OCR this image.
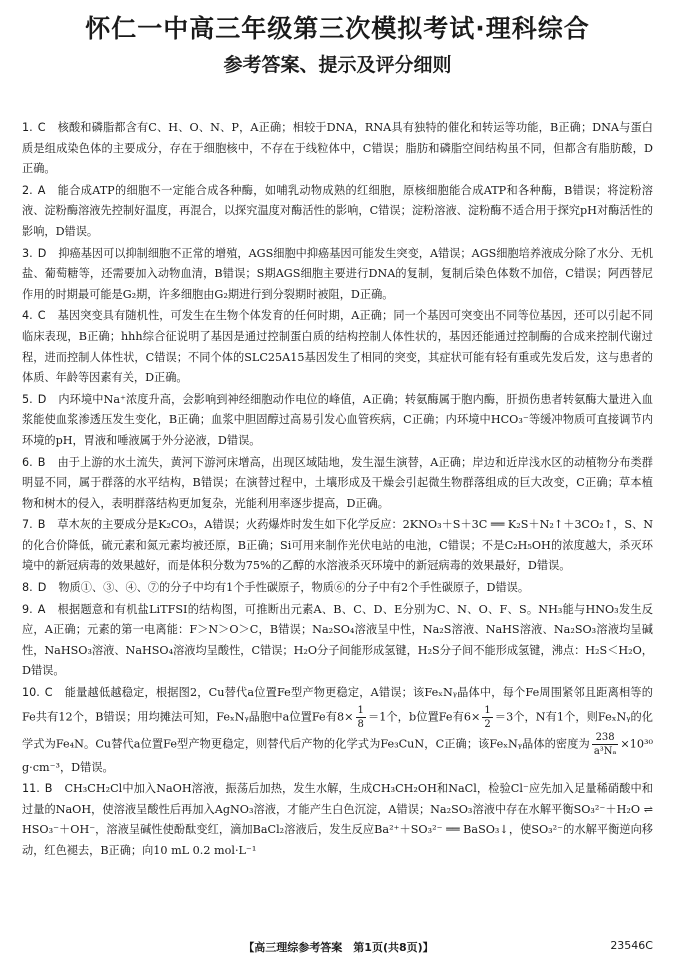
怀仁一中高三年级第三次模拟考试·理科综合
参考答案、提示及评分细则

1. C 核酸和磷脂都含有C、H、O、N、P，A正确；相较于DNA，RNA具有独特的催化和转运等功能，B正确；DNA与蛋白质是组成染色体的主要成分，存在于细胞核中，不存在于线粒体中，C错误；脂肪和磷脂空间结构虽不同，但都含有脂肪酸，D正确。

2. A 能合成ATP的细胞不一定能合成各种酶，如哺乳动物成熟的红细胞，原核细胞能合成ATP和各种酶，B错误；将淀粉溶液、淀粉酶溶液先控制好温度，再混合，以探究温度对酶活性的影响，C错误；淀粉溶液、淀粉酶不适合用于探究pH对酶活性的影响，D错误。

3. D 抑癌基因可以抑制细胞不正常的增殖，AGS细胞中抑癌基因可能发生突变，A错误；AGS细胞培养液成分除了水分、无机盐、葡萄糖等，还需要加入动物血清，B错误；S期AGS细胞主要进行DNA的复制，复制后染色体数不加倍，C错误；阿西替尼作用的时期最可能是G₂期，许多细胞由G₂期进行到分裂期时被阻，D正确。

4. C 基因突变具有随机性，可发生在生物个体发育的任何时期，A正确；同一个基因可突变出不同等位基因，还可以引起不同临床表现，B正确；hhh综合征说明了基因是通过控制蛋白质的结构控制人体性状的，基因还能通过控制酶的合成来控制代谢过程，进而控制人体性状，C错误；不同个体的SLC25A15基因发生了相同的突变，其症状可能有轻有重或先发后发，这与患者的体质、年龄等因素有关，D正确。

5. D 内环境中Na⁺浓度升高，会影响到神经细胞动作电位的峰值，A正确；转氨酶属于胞内酶，肝损伤患者转氨酶大量进入血浆能使血浆渗透压发生变化，B正确；血浆中胆固醇过高易引发心血管疾病，C正确；内环境中HCO₃⁻等缓冲物质可直接调节内环境的pH，胃液和唾液属于外分泌液，D错误。

6. B 由于上游的水土流失，黄河下游河床增高，出现区域陆地，发生湿生演替，A正确；岸边和近岸浅水区的动植物分布类群明显不同，属于群落的水平结构，B错误；在演替过程中，土壤形成及干燥会引起微生物群落组成的巨大改变，C正确；草本植物和树木的侵入，表明群落结构更加复杂，光能利用率逐步提高，D正确。

7. B 草木灰的主要成分是K₂CO₃，A错误；火药爆炸时发生如下化学反应：2KNO₃＋S＋3C ══ K₂S＋N₂↑＋3CO₂↑，S、N的化合价降低，硫元素和氮元素均被还原，B正确；Si可用来制作光伏电站的电池，C错误；不是C₂H₅OH的浓度越大，杀灭环境中的新冠病毒的效果越好，而是体积分数为75%的乙醇的水溶液杀灭环境中的新冠病毒的效果最好，D错误。

8. D 物质①、③、④、⑦的分子中均有1个手性碳原子，物质⑥的分子中有2个手性碳原子，D错误。

9. A 根据题意和有机盐LiTFSI的结构图，可推断出元素A、B、C、D、E分别为C、N、O、F、S。NH₃能与HNO₃发生反应，A正确；元素的第一电离能：F＞N＞O＞C，B错误；Na₂SO₄溶液呈中性，Na₂S溶液、NaHS溶液、Na₂SO₃溶液均呈碱性，NaHSO₃溶液、NaHSO₄溶液均呈酸性，C错误；H₂O分子间能形成氢键，H₂S分子间不能形成氢键，沸点：H₂S＜H₂O，D错误。

10. C 能量越低越稳定，根据图2，Cu替代a位置Fe型产物更稳定，A错误；该FeₓNᵧ晶体中，每个Fe周围紧邻且距离相等的Fe共有12个，B错误；用均摊法可知，FeₓNᵧ晶胞中a位置Fe有$8\times \frac{1}{8} =1$个，b位置Fe有$6\times \frac{1}{2} =3$个，N有1个，则FeₓNᵧ的化学式为Fe₄N。Cu替代a位置Fe型产物更稳定，则替代后产物的化学式为Fe₃CuN，C正确；该FeₓNᵧ晶体的密度为 $\frac{238}{\text{a³Nₐ}} \times 10^{30}$ g·cm⁻³，D错误。

11. B CH₃CH₂Cl中加入NaOH溶液，振荡后加热，发生水解，生成CH₃CH₂OH和NaCl，检验Cl⁻应先加入足量稀硝酸中和过量的NaOH，使溶液呈酸性后再加入AgNO₃溶液，才能产生白色沉淀，A错误；Na₂SO₃溶液中存在水解平衡SO₃²⁻＋H₂O ⇌ HSO₃⁻＋OH⁻，溶液呈碱性使酚酞变红，滴加BaCl₂溶液后，发生反应Ba²⁺＋SO₃²⁻ ══ BaSO₃↓，使SO₃²⁻的水解平衡逆向移动，红色褪去，B正确；向10 mL 0.2 mol·L⁻¹

【高三理综参考答案　第1页(共8页)】	23546C
